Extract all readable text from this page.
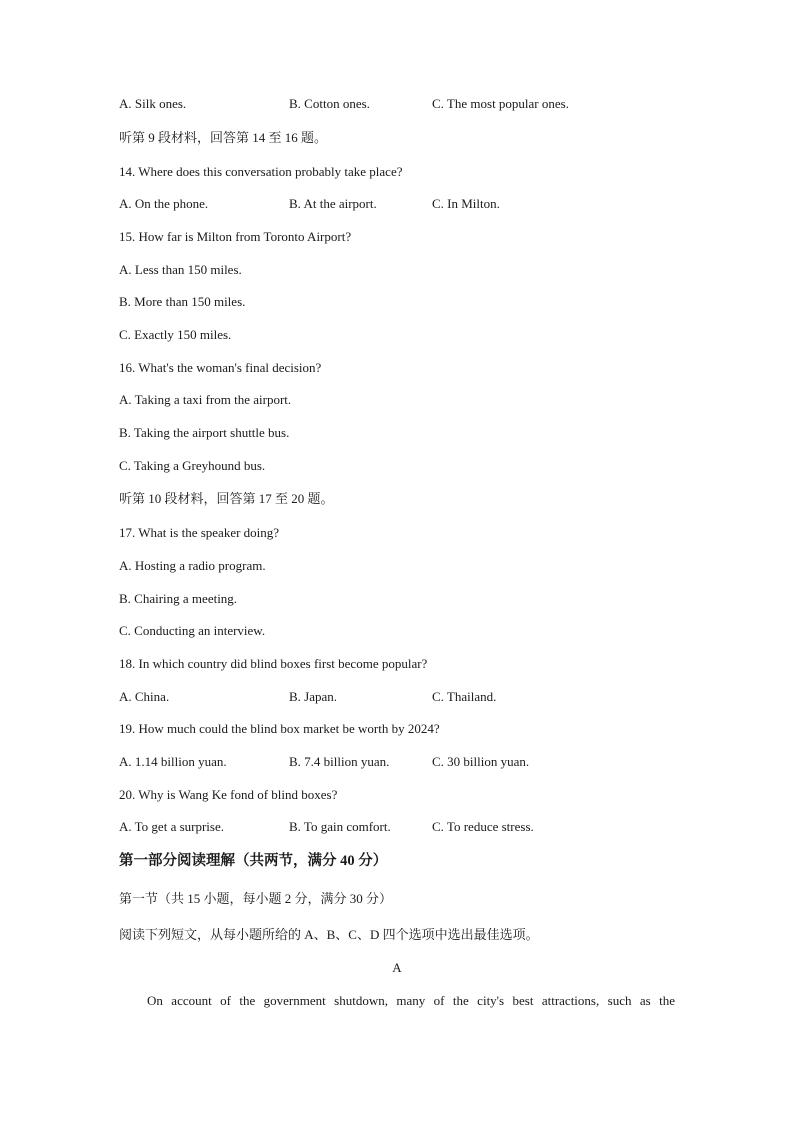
A. Silk ones.	B. Cotton ones.	C. The most popular ones.
听第 9 段材料，回答第 14 至 16 题。
14. Where does this conversation probably take place?
A. On the phone.	B. At the airport.	C. In Milton.
15. How far is Milton from Toronto Airport?
A. Less than 150 miles.
B. More than 150 miles.
C. Exactly 150 miles.
16. What's the woman's final decision?
A. Taking a taxi from the airport.
B. Taking the airport shuttle bus.
C. Taking a Greyhound bus.
听第 10 段材料，回答第 17 至 20 题。
17. What is the speaker doing?
A. Hosting a radio program.
B. Chairing a meeting.
C. Conducting an interview.
18. In which country did blind boxes first become popular?
A. China.	B. Japan.	C. Thailand.
19. How much could the blind box market be worth by 2024?
A. 1.14 billion yuan.	B. 7.4 billion yuan.	C. 30 billion yuan.
20. Why is Wang Ke fond of blind boxes?
A. To get a surprise.	B. To gain comfort.	C. To reduce stress.
第一部分阅读理解（共两节，满分 40 分）
第一节（共 15 小题，每小题 2 分，满分 30 分）
阅读下列短文，从每小题所给的 A、B、C、D 四个选项中选出最佳选项。
A
On account of the government shutdown, many of the city's best attractions, such as the
